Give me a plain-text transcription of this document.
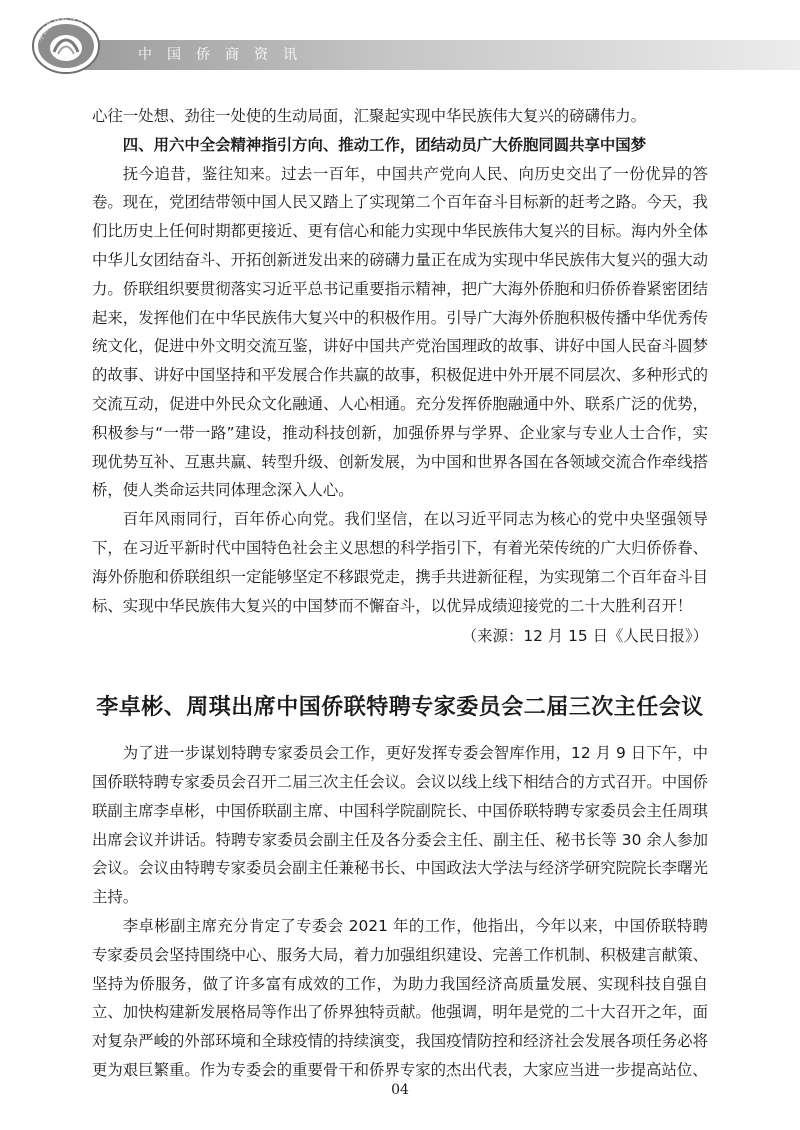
中国侨商联合会
中国侨商资讯

心往一处想、劲往一处使的生动局面，汇聚起实现中华民族伟大复兴的磅礴伟力。

四、用六中全会精神指引方向、推动工作，团结动员广大侨胞同圆共享中国梦

抚今追昔，鉴往知来。过去一百年，中国共产党向人民、向历史交出了一份优异的答卷。现在，党团结带领中国人民又踏上了实现第二个百年奋斗目标新的赶考之路。今天，我们比历史上任何时期都更接近、更有信心和能力实现中华民族伟大复兴的目标。海内外全体中华儿女团结奋斗、开拓创新迸发出来的磅礴力量正在成为实现中华民族伟大复兴的强大动力。侨联组织要贯彻落实习近平总书记重要指示精神，把广大海外侨胞和归侨侨眷紧密团结起来，发挥他们在中华民族伟大复兴中的积极作用。引导广大海外侨胞积极传播中华优秀传统文化，促进中外文明交流互鉴，讲好中国共产党治国理政的故事、讲好中国人民奋斗圆梦的故事、讲好中国坚持和平发展合作共赢的故事，积极促进中外开展不同层次、多种形式的交流互动，促进中外民众文化融通、人心相通。充分发挥侨胞融通中外、联系广泛的优势，积极参与“一带一路”建设，推动科技创新，加强侨界与学界、企业家与专业人士合作，实现优势互补、互惠共赢、转型升级、创新发展，为中国和世界各国在各领域交流合作牵线搭桥，使人类命运共同体理念深入人心。

百年风雨同行，百年侨心向党。我们坚信，在以习近平同志为核心的党中央坚强领导下，在习近平新时代中国特色社会主义思想的科学指引下，有着光荣传统的广大归侨侨眷、海外侨胞和侨联组织一定能够坚定不移跟党走，携手共进新征程，为实现第二个百年奋斗目标、实现中华民族伟大复兴的中国梦而不懈奋斗，以优异成绩迎接党的二十大胜利召开！

（来源：12 月 15 日《人民日报》）

李卓彬、周琪出席中国侨联特聘专家委员会二届三次主任会议

为了进一步谋划特聘专家委员会工作，更好发挥专委会智库作用，12 月 9 日下午，中国侨联特聘专家委员会召开二届三次主任会议。会议以线上线下相结合的方式召开。中国侨联副主席李卓彬，中国侨联副主席、中国科学院副院长、中国侨联特聘专家委员会主任周琪出席会议并讲话。特聘专家委员会副主任及各分委会主任、副主任、秘书长等 30 余人参加会议。会议由特聘专家委员会副主任兼秘书长、中国政法大学法与经济学研究院院长李曙光主持。

李卓彬副主席充分肯定了专委会 2021 年的工作，他指出，今年以来，中国侨联特聘专家委员会坚持围绕中心、服务大局，着力加强组织建设、完善工作机制、积极建言献策、坚持为侨服务，做了许多富有成效的工作，为助力我国经济高质量发展、实现科技自强自立、加快构建新发展格局等作出了侨界独特贡献。他强调，明年是党的二十大召开之年，面对复杂严峻的外部环境和全球疫情的持续演变，我国疫情防控和经济社会发展各项任务必将更为艰巨繁重。作为专委会的重要骨干和侨界专家的杰出代表，大家应当进一步提高站位、

04
